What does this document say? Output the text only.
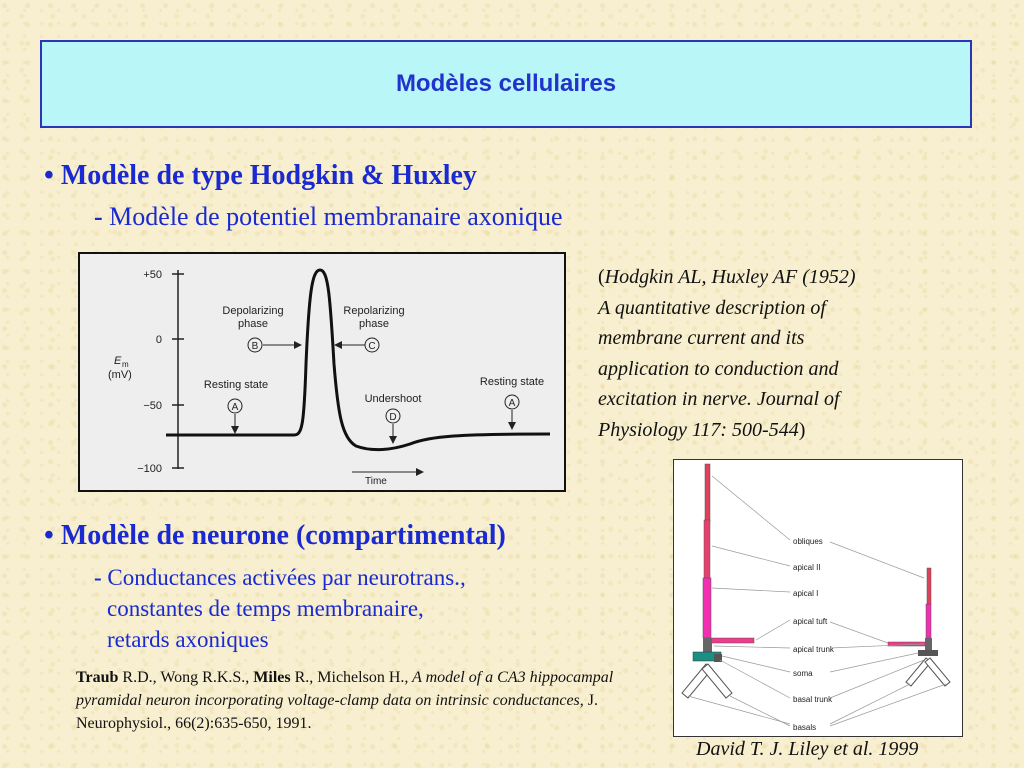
Modèles cellulaires
• Modèle de type Hodgkin & Huxley
- Modèle de potentiel membranaire axonique
+50
0
−50
−100
E m
(mV)
Depolarizing
phase
B
Repolarizing
phase
C
Resting state
A
Undershoot
D
Resting state
A
Time
(Hodgkin AL, Huxley AF (1952)
A quantitative description of
membrane current and its
application to conduction and
excitation in nerve. Journal of
Physiology 117: 500-544)
• Modèle de neurone (compartimental)
- Conductances activées par neurotrans.,
constantes de temps membranaire,
retards axoniques
Traub R.D., Wong R.K.S., Miles R., Michelson H., A model of a CA3 hippocampal pyramidal neuron incorporating voltage-clamp data on intrinsic conductances, J. Neurophysiol., 66(2):635-650, 1991.
obliques
apical II
apical I
apical tuft
apical trunk
soma
basal trunk
basals
David T. J. Liley et al. 1999
